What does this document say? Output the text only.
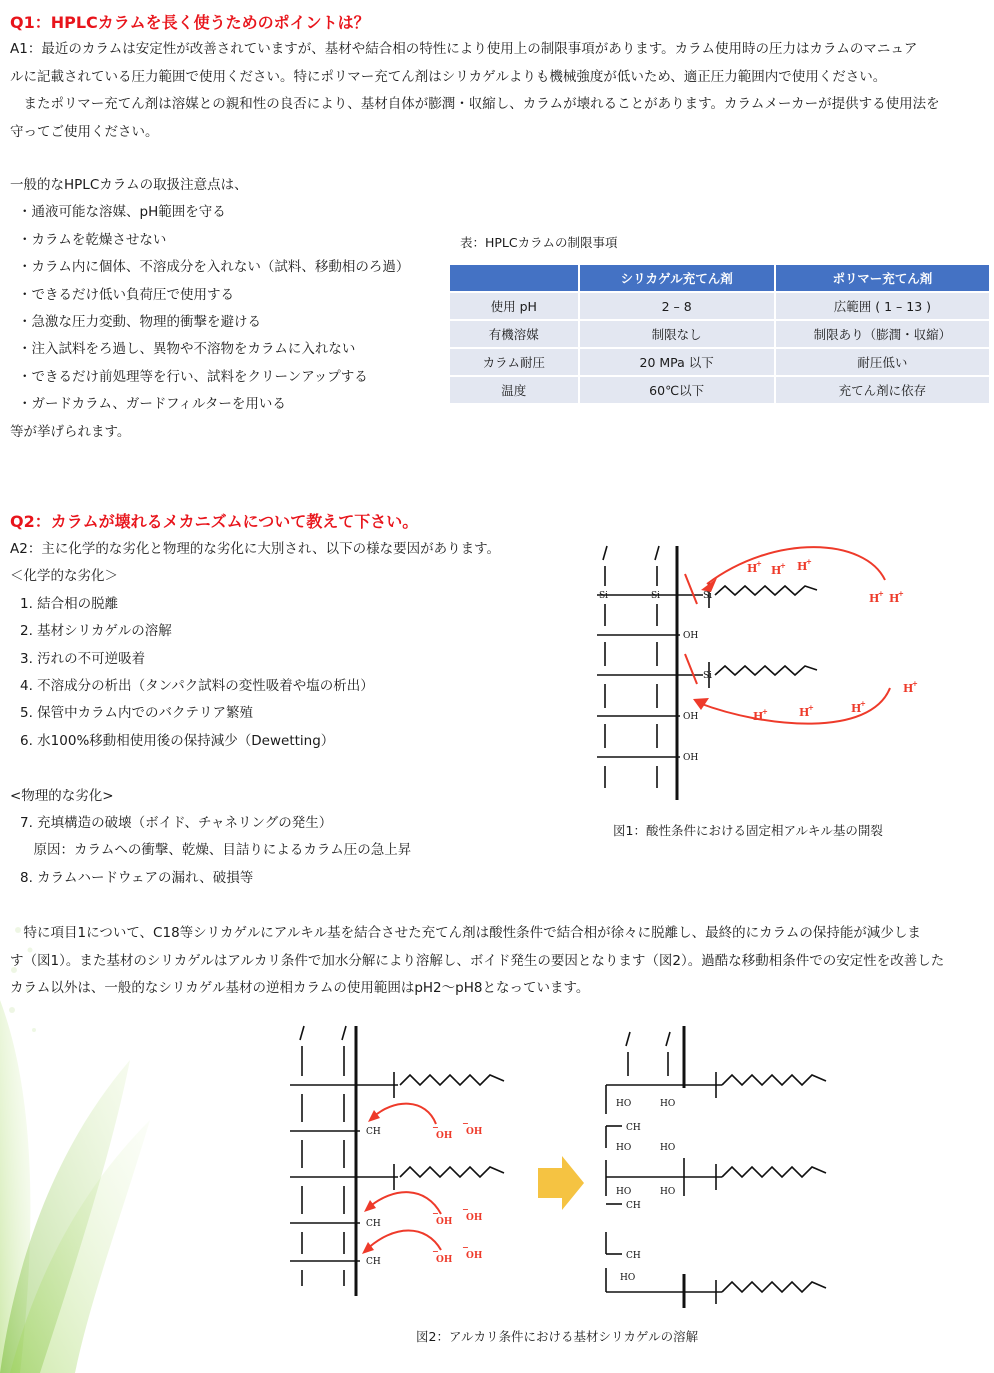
Q1：HPLCカラムを長く使うためのポイントは？
A1：最近のカラムは安定性が改善されていますが、基材や結合相の特性により使用上の制限事項があります。カラム使用時の圧力はカラムのマニュア
ルに記載されている圧力範囲で使用ください。特にポリマー充てん剤はシリカゲルよりも機械強度が低いため、適正圧力範囲内で使用ください。
　またポリマー充てん剤は溶媒との親和性の良否により、基材自体が膨潤・収縮し、カラムが壊れることがあります。カラムメーカーが提供する使用法を
守ってご使用ください。
一般的なHPLCカラムの取扱注意点は、
・通液可能な溶媒、pH範囲を守る
・カラムを乾燥させない
・カラム内に個体、不溶成分を入れない（試料、移動相のろ過）
・できるだけ低い負荷圧で使用する
・急激な圧力変動、物理的衝撃を避ける
・注入試料をろ過し、異物や不溶物をカラムに入れない
・できるだけ前処理等を行い、試料をクリーンアップする
・ガードカラム、ガードフィルターを用いる
等が挙げられます。
表：HPLCカラムの制限事項
	シリカゲル充てん剤	ポリマー充てん剤
使用 pH	2 – 8	広範囲 ( 1 – 13 )
有機溶媒	制限なし	制限あり（膨潤・収縮）
カラム耐圧	20 MPa 以下	耐圧低い
温度	60℃以下	充てん剤に依存
Q2：カラムが壊れるメカニズムについて教えて下さい。
A2：主に化学的な劣化と物理的な劣化に大別され、以下の様な要因があります。
＜化学的な劣化＞
1. 結合相の脱離
2. 基材シリカゲルの溶解
3. 汚れの不可逆吸着
4. 不溶成分の析出（タンパク試料の変性吸着や塩の析出）
5. 保管中カラム内でのバクテリア繁殖
6. 水100%移動相使用後の保持減少（Dewetting）
<物理的な劣化>
7. 充填構造の破壊（ボイド、チャネリングの発生）
　原因：カラムへの衝撃、乾燥、目詰りによるカラム圧の急上昇
8. カラムハードウェアの漏れ、破損等
　特に項目1について、C18等シリカゲルにアルキル基を結合させた充てん剤は酸性条件で結合相が徐々に脱離し、最終的にカラムの保持能が減少しま
す（図1）。また基材のシリカゲルはアルカリ条件で加水分解により溶解し、ボイド発生の要因となります（図2）。過酷な移動相条件での安定性を改善した
カラム以外は、一般的なシリカゲル基材の逆相カラムの使用範囲はpH2～pH8となっています。
Si	Si	Si
OH
Si
OH
OH
H
+
H
+ H
+
H
+ H
+
H
+
H
+	H
+	H
+
図1：酸性条件における固定相アルキル基の開裂
CH
CH
CH
OH
−	OH
−
OH
−	OH
−
OH
−	OH
−
HO	HO
CH
HO	HO
HO	HO
CH
CH
HO
図2：アルカリ条件における基材シリカゲルの溶解
